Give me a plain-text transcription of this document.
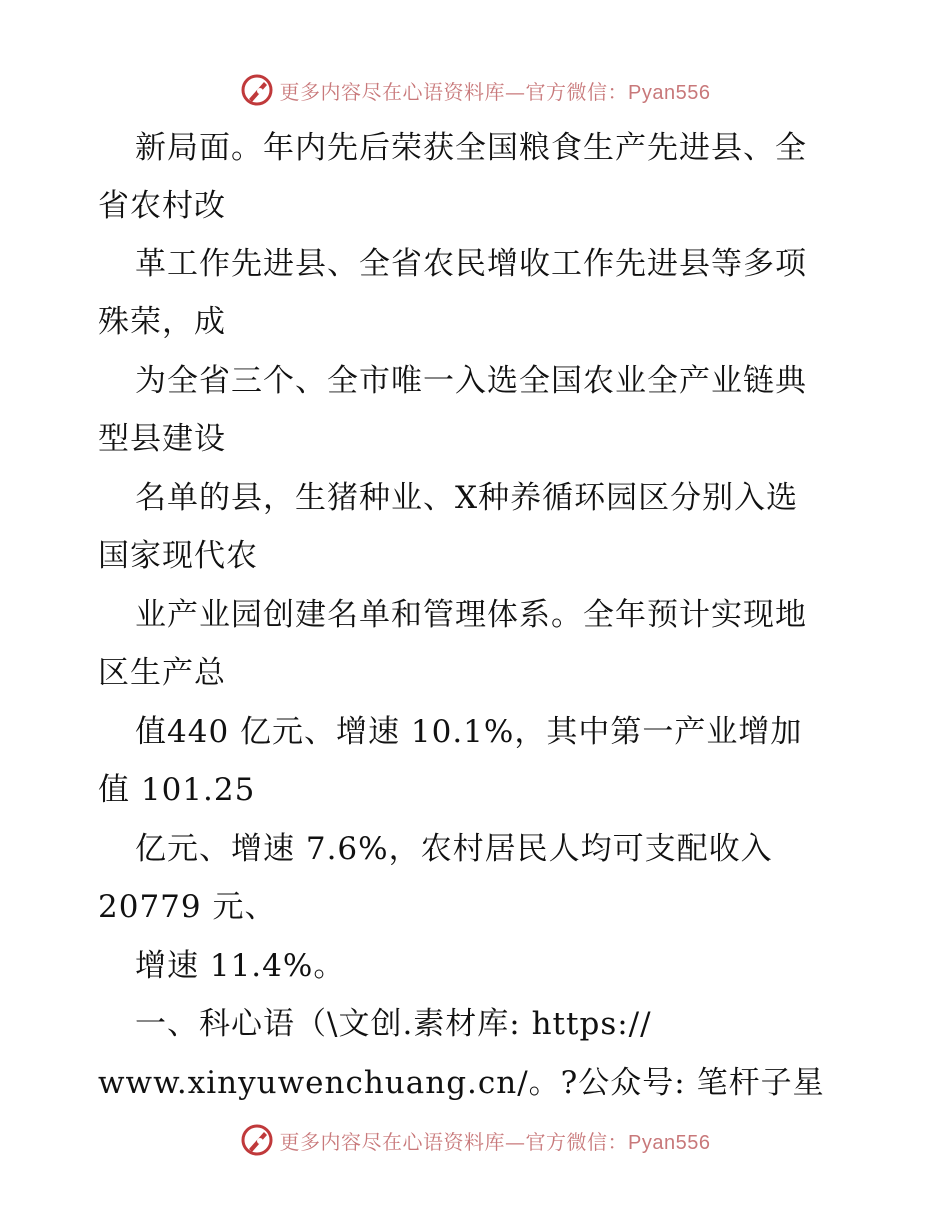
更多内容尽在心语资料库—官方微信：Pyan556
新局面。年内先后荣获全国粮食生产先进县、全
省农村改
革工作先进县、全省农民增收工作先进县等多项
殊荣，成
为全省三个、全市唯一入选全国农业全产业链典
型县建设
名单的县，生猪种业、X种养循环园区分别入选
国家现代农
业产业园创建名单和管理体系。全年预计实现地
区生产总
值440 亿元、增速 10.1%，其中第一产业增加
值 101.25
亿元、增速 7.6%，农村居民人均可支配收入
20779 元、
增速 11.4%。
一、科心语（\文创.素材库: https://
www.xinyuwenchuang.cn/。?公众号: 笔杆子星
更多内容尽在心语资料库—官方微信：Pyan556
